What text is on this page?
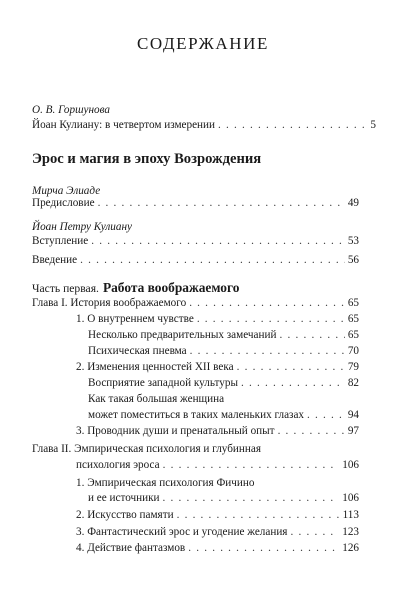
СОДЕРЖАНИЕ
О. В. Горшунова
Йоан Кулиану: в четвертом измерении . . .	5
Эрос и магия в эпоху Возрождения
Мирча Элиаде
Предисловие . . .	49
Йоан Петру Кулиану
Вступление . . .	53
Введение . . .	56
Часть первая. Работа воображаемого
Глава I. История воображаемого . . .	65
1. О внутреннем чувстве . . .	65
Несколько предварительных замечаний . . .	65
Психическая пневма . . .	70
2. Изменения ценностей XII века . . .	79
Восприятие западной культуры . . .	82
Как такая большая женщина
может поместиться в таких маленьких глазах . . .	94
3. Проводник души и пренатальный опыт . . .	97
Глава II. Эмпирическая психология и глубинная
психология эроса . . .	106
1. Эмпирическая психология Фичино
и ее источники . . .	106
2. Искусство памяти . . .	113
3. Фантастический эрос и угодение желания . . .	123
4. Действие фантазмов . . .	126
